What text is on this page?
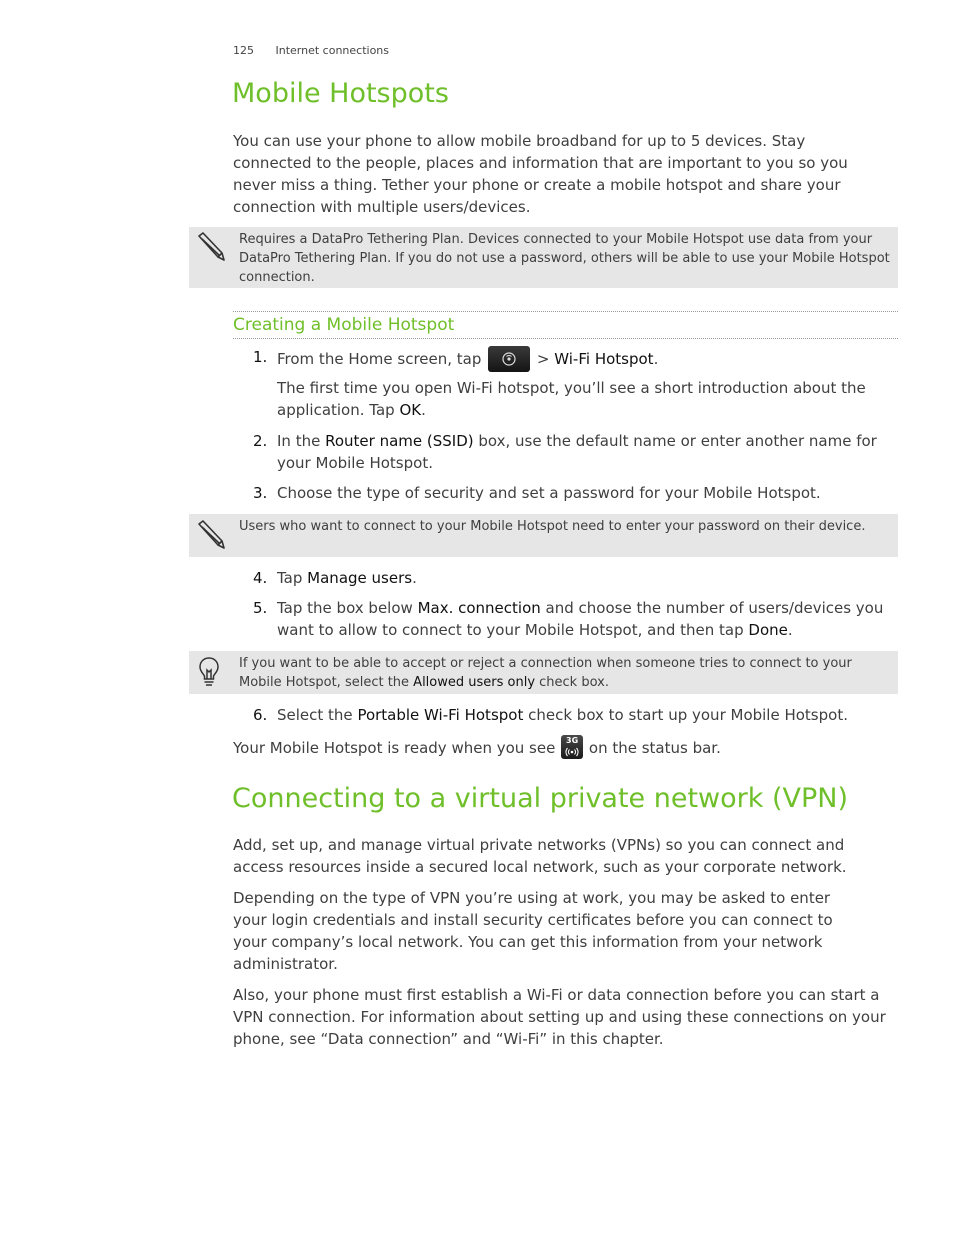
125 Internet connections
Mobile Hotspots
You can use your phone to allow mobile broadband for up to 5 devices. Stay connected to the people, places and information that are important to you so you never miss a thing. Tether your phone or create a mobile hotspot and share your connection with multiple users/devices.
Requires a DataPro Tethering Plan. Devices connected to your Mobile Hotspot use data from your DataPro Tethering Plan. If you do not use a password, others will be able to use your Mobile Hotspot connection.
Creating a Mobile Hotspot
1. From the Home screen, tap	> Wi-Fi Hotspot.
The first time you open Wi-Fi hotspot, you’ll see a short introduction about the application. Tap OK.
2. In the Router name (SSID) box, use the default name or enter another name for your Mobile Hotspot.
3. Choose the type of security and set a password for your Mobile Hotspot.
Users who want to connect to your Mobile Hotspot need to enter your password on their device.
4. Tap Manage users.
5. Tap the box below Max. connection and choose the number of users/devices you want to allow to connect to your Mobile Hotspot, and then tap Done.
If you want to be able to accept or reject a connection when someone tries to connect to your Mobile Hotspot, select the Allowed users only check box.
6. Select the Portable Wi-Fi Hotspot check box to start up your Mobile Hotspot.
Your Mobile Hotspot is ready when you see	3G on the status bar.
Connecting to a virtual private network (VPN)
Add, set up, and manage virtual private networks (VPNs) so you can connect and access resources inside a secured local network, such as your corporate network.
Depending on the type of VPN you’re using at work, you may be asked to enter your login credentials and install security certificates before you can connect to your company’s local network. You can get this information from your network administrator.
Also, your phone must first establish a Wi-Fi or data connection before you can start a VPN connection. For information about setting up and using these connections on your phone, see “Data connection” and “Wi-Fi” in this chapter.
